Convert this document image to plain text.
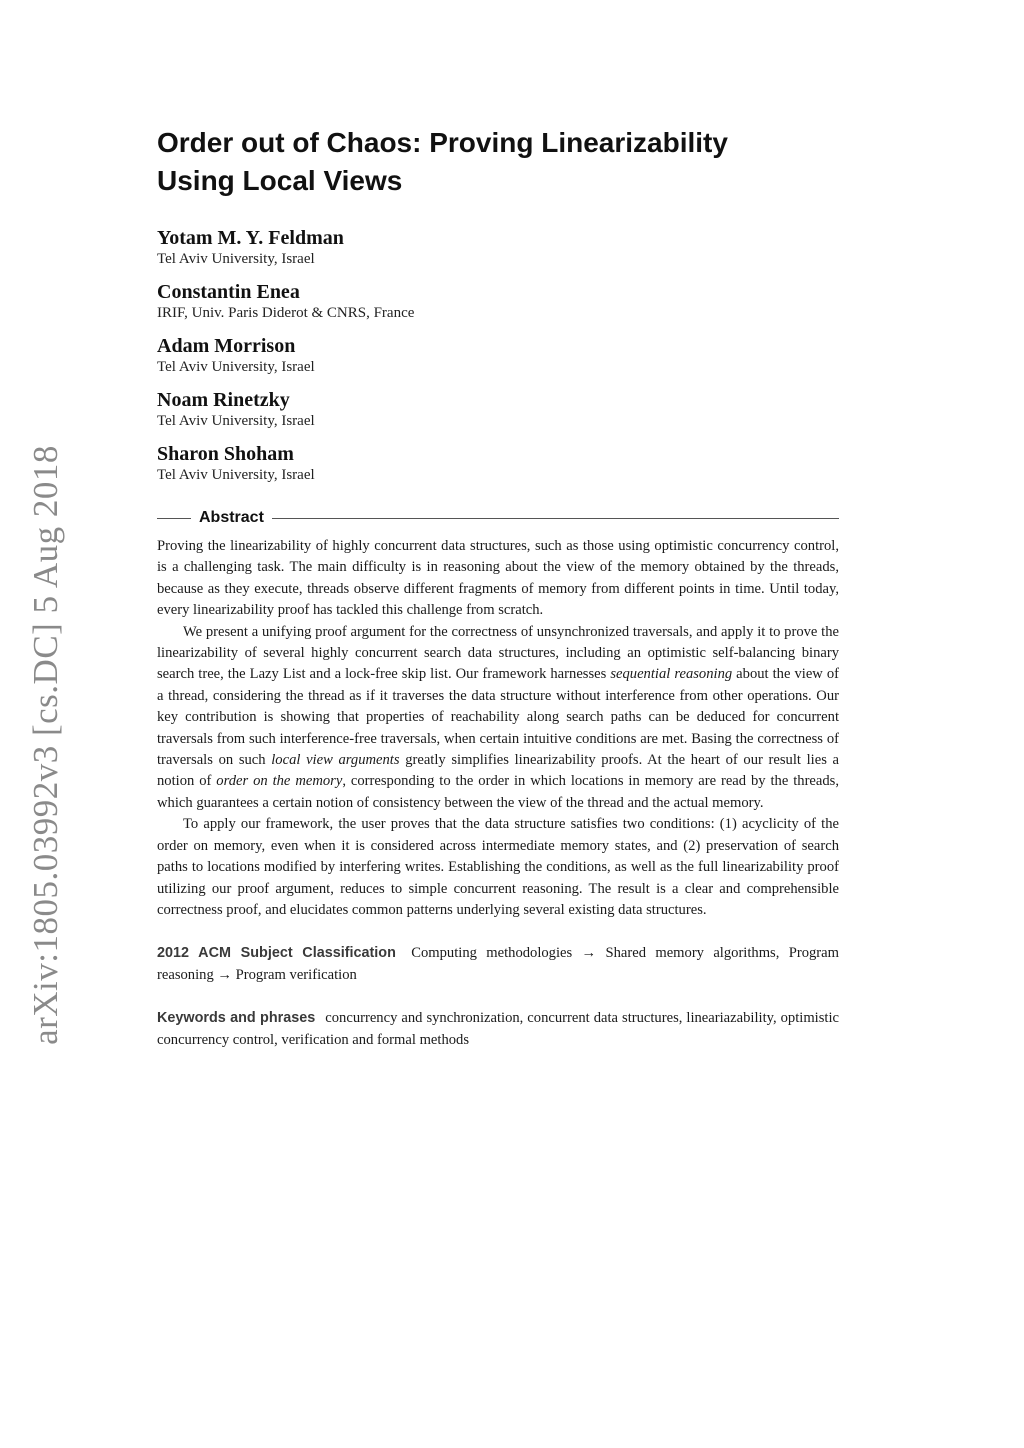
arXiv:1805.03992v3 [cs.DC] 5 Aug 2018
Order out of Chaos: Proving Linearizability
Using Local Views
Yotam M. Y. Feldman
Tel Aviv University, Israel
Constantin Enea
IRIF, Univ. Paris Diderot & CNRS, France
Adam Morrison
Tel Aviv University, Israel
Noam Rinetzky
Tel Aviv University, Israel
Sharon Shoham
Tel Aviv University, Israel
Abstract

Proving the linearizability of highly concurrent data structures, such as those using optimistic concurrency control, is a challenging task. The main difficulty is in reasoning about the view of the memory obtained by the threads, because as they execute, threads observe different fragments of memory from different points in time. Until today, every linearizability proof has tackled this challenge from scratch.

We present a unifying proof argument for the correctness of unsynchronized traversals, and apply it to prove the linearizability of several highly concurrent search data structures, including an optimistic self-balancing binary search tree, the Lazy List and a lock-free skip list. Our framework harnesses sequential reasoning about the view of a thread, considering the thread as if it traverses the data structure without interference from other operations. Our key contribution is showing that properties of reachability along search paths can be deduced for concurrent traversals from such interference-free traversals, when certain intuitive conditions are met. Basing the correctness of traversals on such local view arguments greatly simplifies linearizability proofs. At the heart of our result lies a notion of order on the memory, corresponding to the order in which locations in memory are read by the threads, which guarantees a certain notion of consistency between the view of the thread and the actual memory.

To apply our framework, the user proves that the data structure satisfies two conditions: (1) acyclicity of the order on memory, even when it is considered across intermediate memory states, and (2) preservation of search paths to locations modified by interfering writes. Establishing the conditions, as well as the full linearizability proof utilizing our proof argument, reduces to simple concurrent reasoning. The result is a clear and comprehensible correctness proof, and elucidates common patterns underlying several existing data structures.

2012 ACM Subject Classification Computing methodologies → Shared memory algorithms, Program reasoning → Program verification
Keywords and phrases concurrency and synchronization, concurrent data structures, lineariazability, optimistic concurrency control, verification and formal methods
